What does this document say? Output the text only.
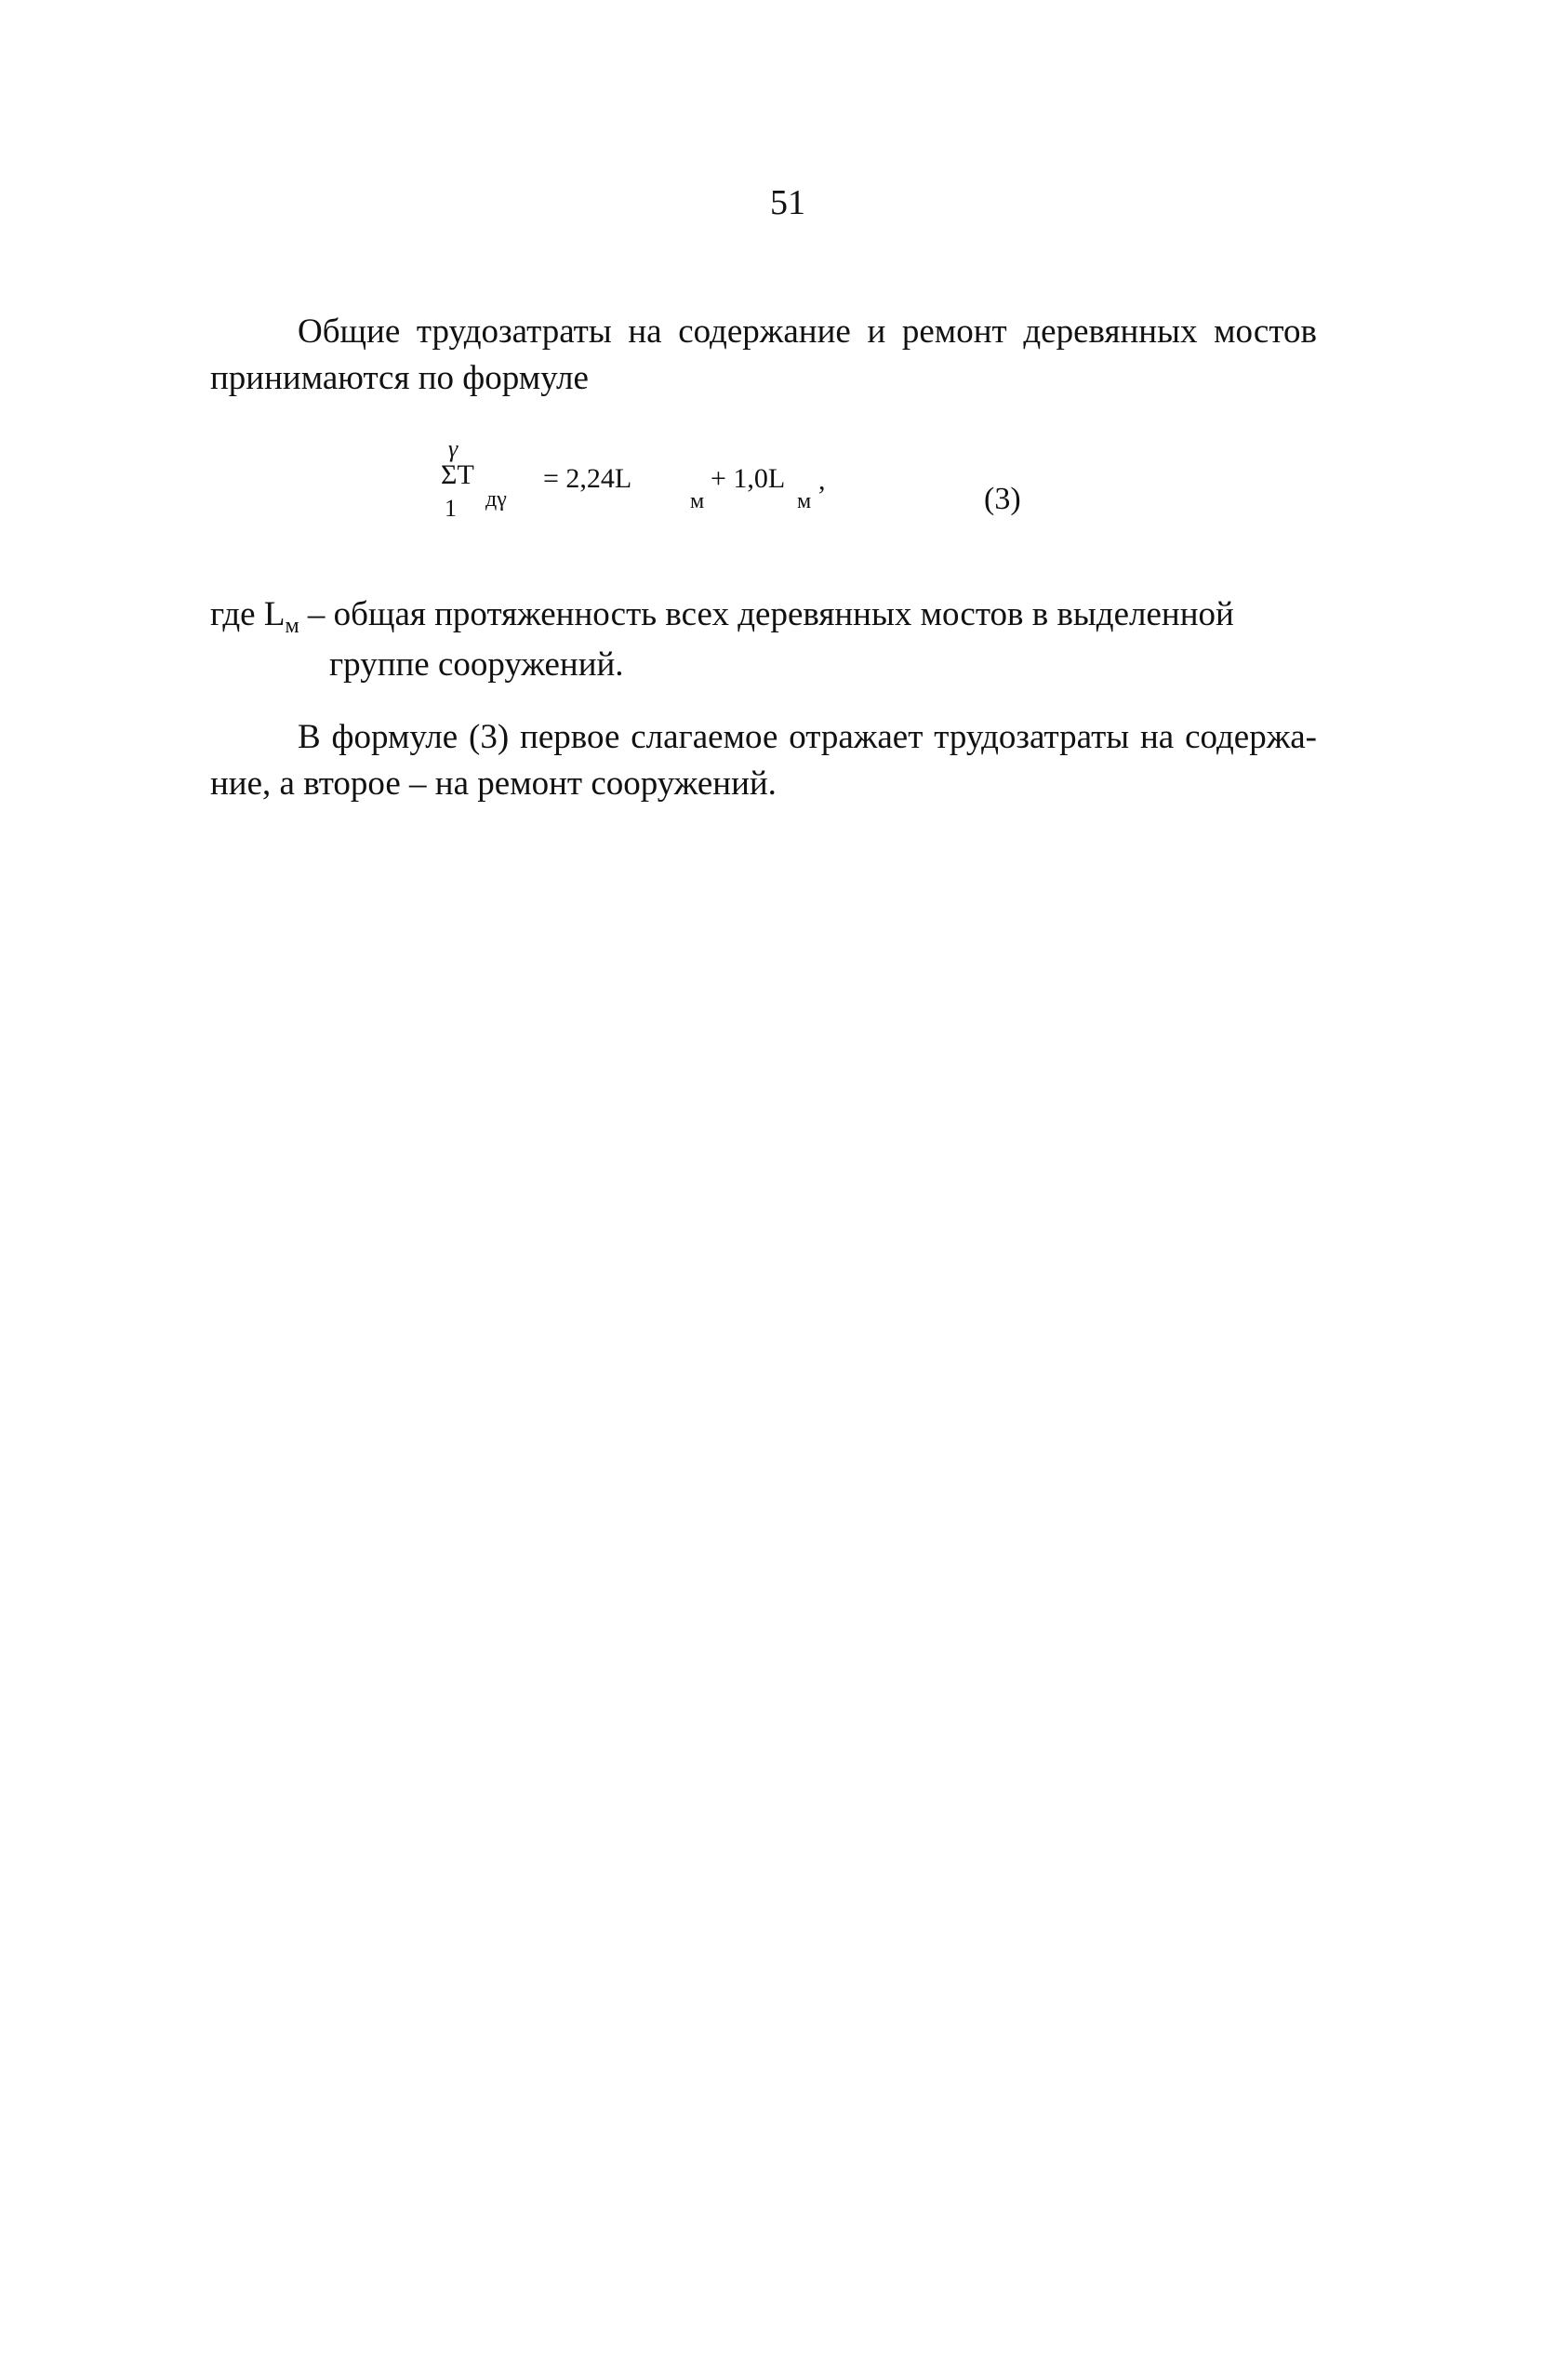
51
Общие трудозатраты на содержание и ремонт деревянных мостов
принимаются по формуле
γ
ΣT
1 дγ
= 2,24L
м
+ 1,0L
м
,
(3)
где $L_м$ – общая протяженность всех деревянных мостов в выделенной
группе сооружений.
В формуле (3) первое слагаемое отражает трудозатраты на содержа-
ние, а второе – на ремонт сооружений.
